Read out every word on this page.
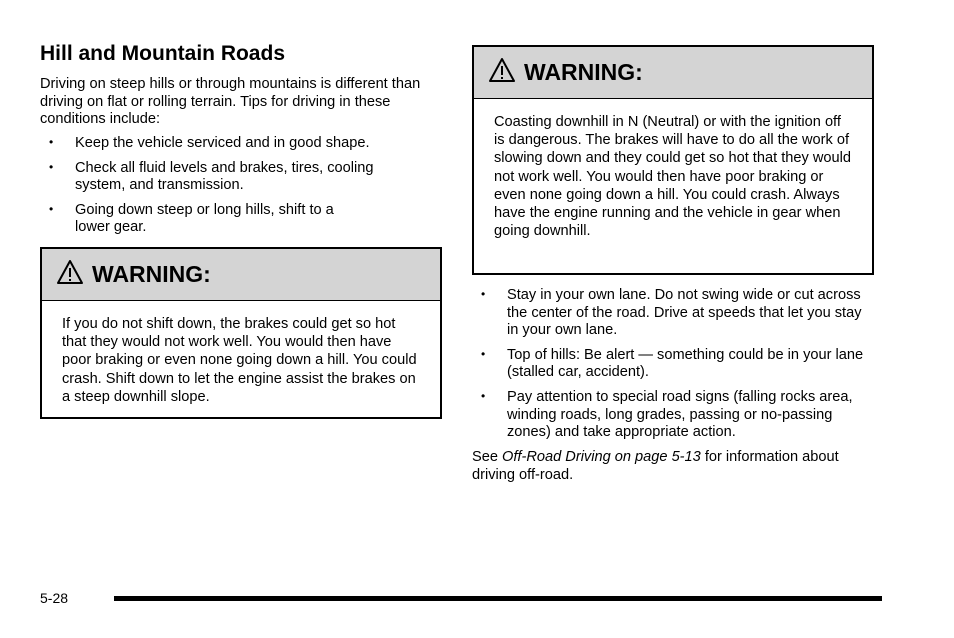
Hill and Mountain Roads

Driving on steep hills or through mountains is different than driving on flat or rolling terrain. Tips for driving in these conditions include:

• Keep the vehicle serviced and in good shape.
• Check all fluid levels and brakes, tires, cooling system, and transmission.
• Going down steep or long hills, shift to a lower gear.
WARNING:

If you do not shift down, the brakes could get so hot that they would not work well. You would then have poor braking or even none going down a hill. You could crash. Shift down to let the engine assist the brakes on a steep downhill slope.

WARNING:

Coasting downhill in N (Neutral) or with the ignition off is dangerous. The brakes will have to do all the work of slowing down and they could get so hot that they would not work well. You would then have poor braking or even none going down a hill. You could crash. Always have the engine running and the vehicle in gear when going downhill.

• Stay in your own lane. Do not swing wide or cut across the center of the road. Drive at speeds that let you stay in your own lane.
• Top of hills: Be alert — something could be in your lane (stalled car, accident).
• Pay attention to special road signs (falling rocks area, winding roads, long grades, passing or no-passing zones) and take appropriate action.

See Off-Road Driving on page 5-13 for information about driving off-road.

5-28
